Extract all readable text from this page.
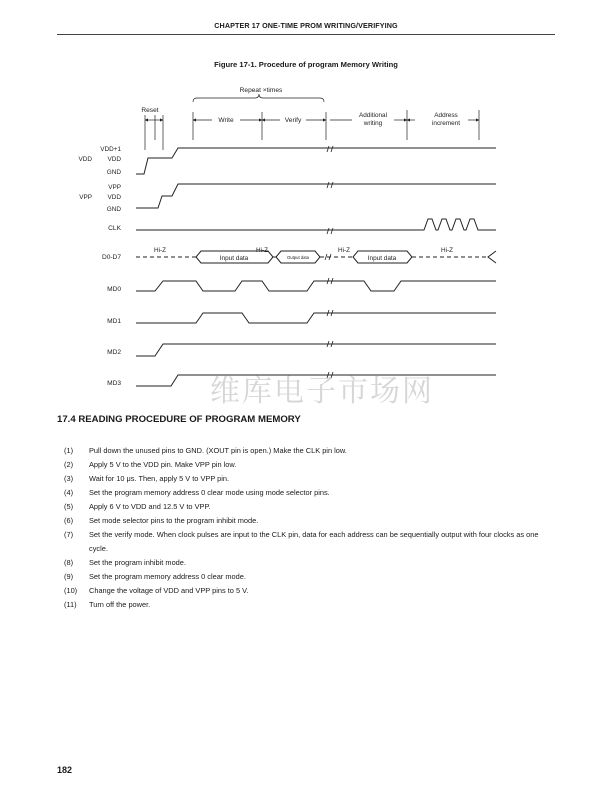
CHAPTER 17 ONE-TIME PROM WRITING/VERIFYING
Figure 17-1. Procedure of program Memory Writing
Reset
Repeat ×times
Write	Verify
Additional
writing
Address
increment
VDD+1
VDD
GND
VDD
VPP
VDD
GND
VPP
CLK
D0-D7
Hi-Z	Hi-Z	Hi-Z	Hi-Z
Input data	Output data	Input data
MD0
MD1
MD2
MD3	维库电子市场网
17.4 READING PROCEDURE OF PROGRAM MEMORY
(1) Pull down the unused pins to GND. (XOUT pin is open.) Make the CLK pin low.
(2) Apply 5 V to the VDD pin. Make VPP pin low.
(3) Wait for 10 μs. Then, apply 5 V to VPP pin.
(4) Set the program memory address 0 clear mode using mode selector pins.
(5) Apply 6 V to VDD and 12.5 V to VPP.
(6) Set mode selector pins to the program inhibit mode.
(7) Set the verify mode. When clock pulses are input to the CLK pin, data for each address can be sequentially output with four clocks as one cycle.
(8) Set the program inhibit mode.
(9) Set the program memory address 0 clear mode.
(10) Change the voltage of VDD and VPP pins to 5 V.
(11) Turn off the power.
182
